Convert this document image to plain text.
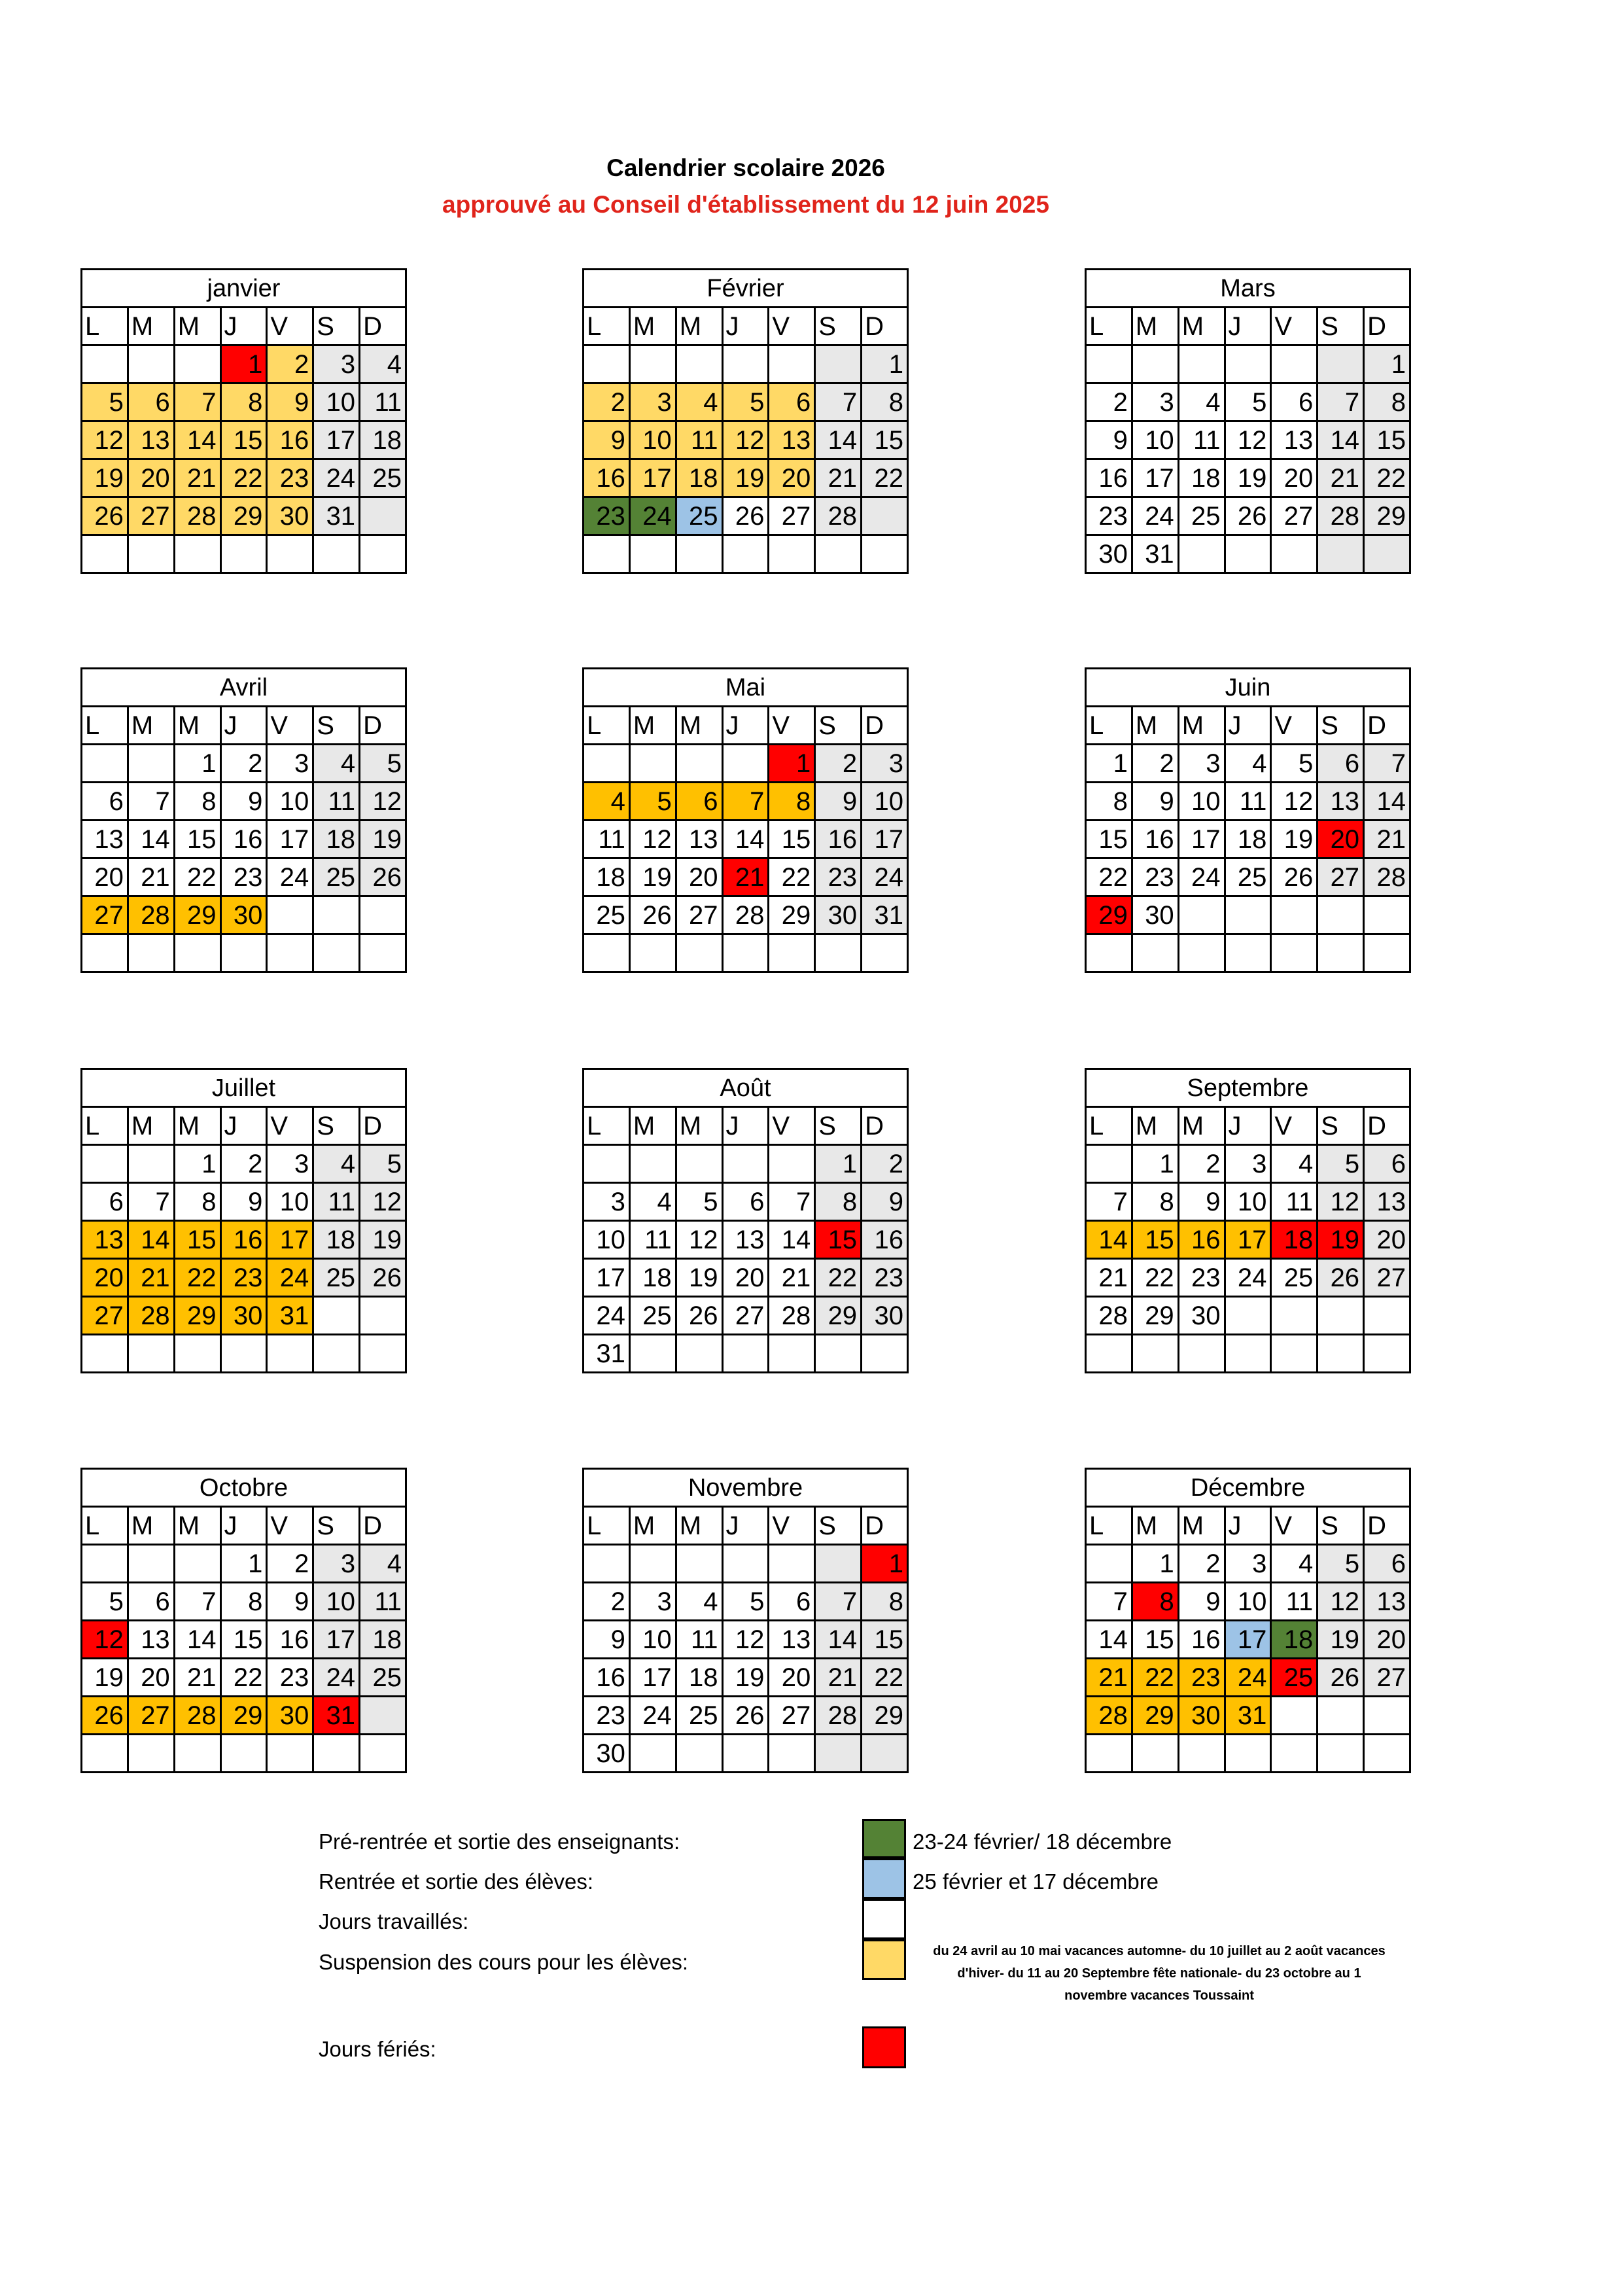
Calendrier scolaire 2026
approuvé au Conseil d'établissement du 12 juin 2025
janvier						
L	M	M	J	V	S	D
			1	2	3	4
5	6	7	8	9	10	11
12	13	14	15	16	17	18
19	20	21	22	23	24	25
26	27	28	29	30	31	

Février						
L	M	M	J	V	S	D
						1
2	3	4	5	6	7	8
9	10	11	12	13	14	15
16	17	18	19	20	21	22
23	24	25	26	27	28	

Mars						
L	M	M	J	V	S	D
						1
2	3	4	5	6	7	8
9	10	11	12	13	14	15
16	17	18	19	20	21	22
23	24	25	26	27	28	29
30	31					
Avril						
L	M	M	J	V	S	D
		1	2	3	4	5
6	7	8	9	10	11	12
13	14	15	16	17	18	19
20	21	22	23	24	25	26
27	28	29	30			

Mai						
L	M	M	J	V	S	D
				1	2	3
4	5	6	7	8	9	10
11	12	13	14	15	16	17
18	19	20	21	22	23	24
25	26	27	28	29	30	31

Juin						
L	M	M	J	V	S	D
1	2	3	4	5	6	7
8	9	10	11	12	13	14
15	16	17	18	19	20	21
22	23	24	25	26	27	28
29	30					

Juillet						
L	M	M	J	V	S	D
		1	2	3	4	5
6	7	8	9	10	11	12
13	14	15	16	17	18	19
20	21	22	23	24	25	26
27	28	29	30	31		

Août						
L	M	M	J	V	S	D
					1	2
3	4	5	6	7	8	9
10	11	12	13	14	15	16
17	18	19	20	21	22	23
24	25	26	27	28	29	30
31						
Septembre						
L	M	M	J	V	S	D
	1	2	3	4	5	6
7	8	9	10	11	12	13
14	15	16	17	18	19	20
21	22	23	24	25	26	27
28	29	30				

Octobre						
L	M	M	J	V	S	D
			1	2	3	4
5	6	7	8	9	10	11
12	13	14	15	16	17	18
19	20	21	22	23	24	25
26	27	28	29	30	31	

Novembre						
L	M	M	J	V	S	D
						1
2	3	4	5	6	7	8
9	10	11	12	13	14	15
16	17	18	19	20	21	22
23	24	25	26	27	28	29
30						
Décembre						
L	M	M	J	V	S	D
	1	2	3	4	5	6
7	8	9	10	11	12	13
14	15	16	17	18	19	20
21	22	23	24	25	26	27
28	29	30	31			

Pré-rentrée et sortie des enseignants:	23-24 février/ 18 décembre
Rentrée et sortie des élèves:	25 février et 17 décembre
Jours travaillés:
Suspension des cours pour les élèves:	du 24 avril au 10 mai vacances automne- du 10 juillet au 2 août vacances
d'hiver- du 11 au 20 Septembre fête nationale- du 23 octobre au 1
novembre vacances Toussaint
Jours fériés:
